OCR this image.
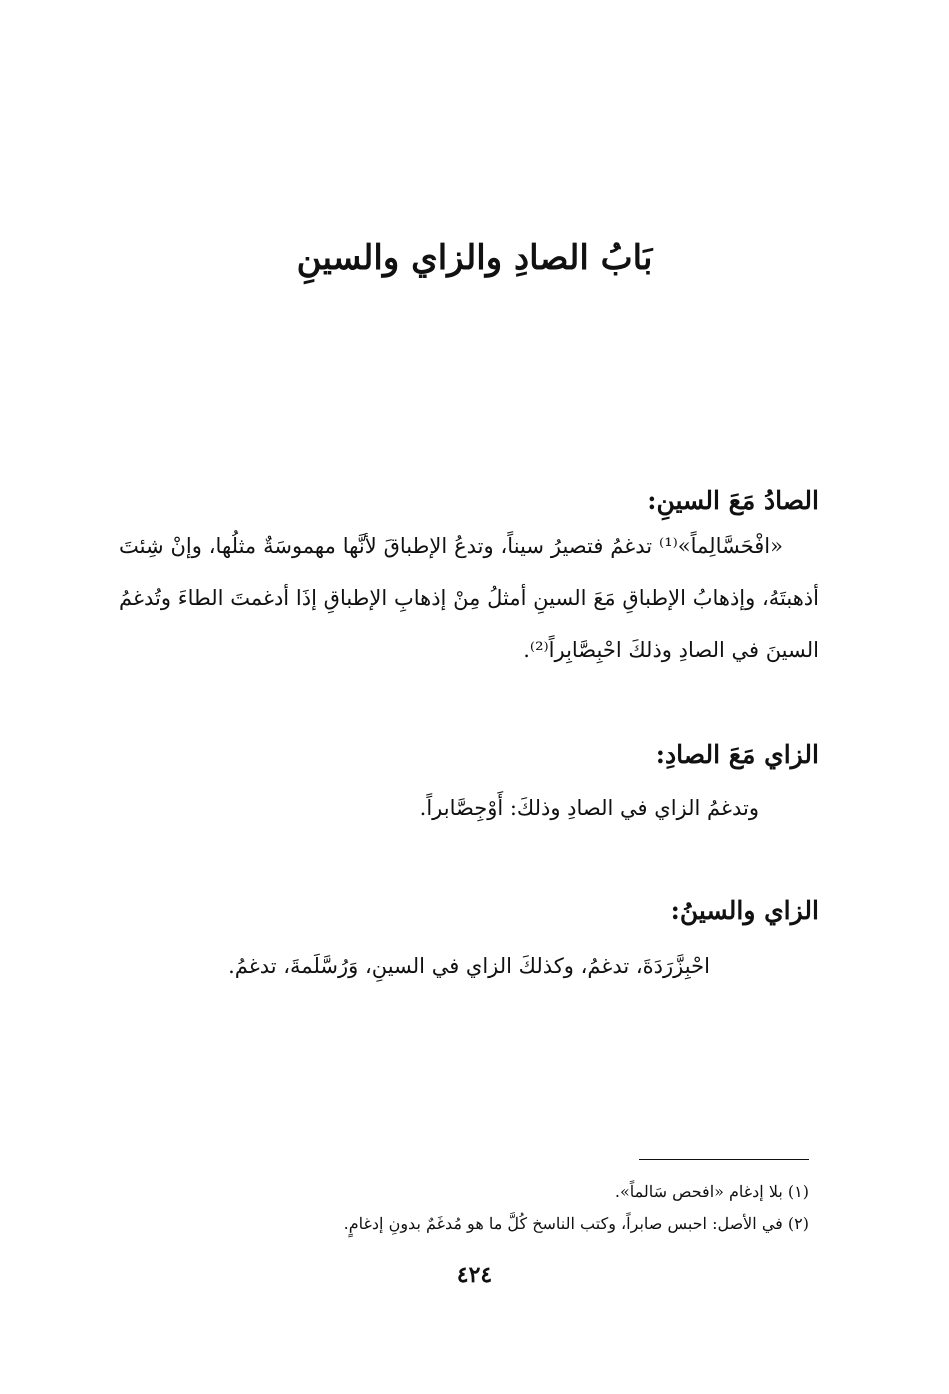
بَابُ الصادِ والزاي والسينِ
الصادُ مَعَ السينِ:
«افْحَسَّالِماً»⁽¹⁾ تدغمُ فتصيرُ سيناً، وتدعُ الإطباقَ لأنَّها مهموسَةٌ مثلُها، وإنْ شِئتَ أذهبتَهُ، وإذهابُ الإطباقِ مَعَ السينِ أمثلُ مِنْ إذهابِ الإطباقِ إذَا أدغمتَ الطاءَ وتُدغمُ السينَ في الصادِ وذلكَ احْبِصَّابِراً⁽²⁾.
الزاي مَعَ الصادِ:
وتدغمُ الزاي في الصادِ وذلكَ: أَوْجِصَّابراً.
الزاي والسينُ:
احْبِزَّرَدَةَ، تدغمُ، وكذلكَ الزاي في السينِ، وَرُسَّلَمةَ، تدغمُ.
(١) بلا إدغام «افحص سَالماً».
(٢) في الأصل: احبس صابراً، وكتب الناسخ كُلَّ ما هو مُدغَمٌ بدونِ إدغامٍ.
٤٢٤
